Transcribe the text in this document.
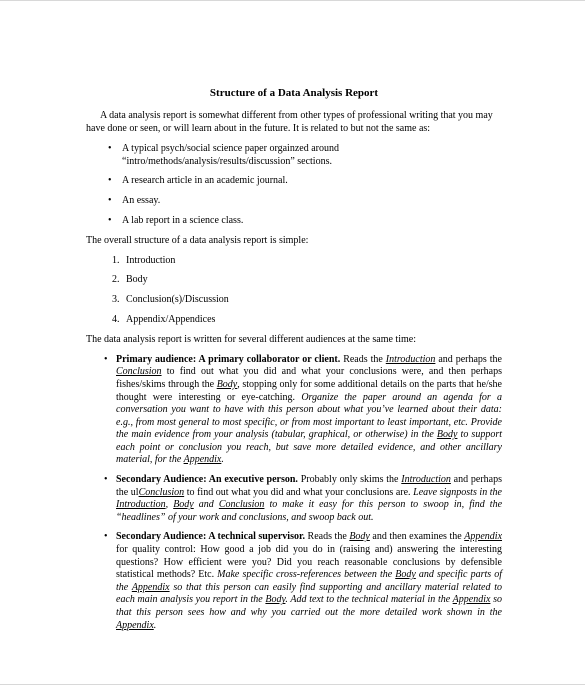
Structure of a Data Analysis Report

A data analysis report is somewhat different from other types of professional writing that you may have done or seen, or will learn about in the future. It is related to but not the same as:

• A typical psych/social science paper orgainzed around “intro/methods/analysis/results/discussion” sections.
• A research article in an academic journal.
• An essay.
• A lab report in a science class.

The overall structure of a data analysis report is simple:

1. Introduction
2. Body
3. Conclusion(s)/Discussion
4. Appendix/Appendices

The data analysis report is written for several different audiences at the same time:

• Primary audience: A primary collaborator or client. Reads the Introduction and perhaps the Conclusion to find out what you did and what your conclusions were, and then perhaps fishes/skims through the Body, stopping only for some additional details on the parts that he/she thought were interesting or eye-catching. Organize the paper around an agenda for a conversation you want to have with this person about what you’ve learned about their data: e.g., from most general to most specific, or from most important to least important, etc. Provide the main evidence from your analysis (tabular, graphical, or otherwise) in the Body to support each point or conclusion you reach, but save more detailed evidence, and other ancillary material, for the Appendix.
• Secondary Audience: An executive person. Probably only skims the Introduction and perhaps the ulConclusion to find out what you did and what your conclusions are. Leave signposts in the Introduction, Body and Conclusion to make it easy for this person to swoop in, find the “headlines” of your work and conclusions, and swoop back out.
• Secondary Audience: A technical supervisor. Reads the Body and then examines the Appendix for quality control: How good a job did you do in (raising and) answering the interesting questions? How efficient were you? Did you reach reasonable conclusions by defensible statistical methods? Etc. Make specific cross-references between the Body and specific parts of the Appendix so that this person can easily find supporting and ancillary material related to each main analysis you report in the Body. Add text to the technical material in the Appendix so that this person sees how and why you carried out the more detailed work shown in the Appendix.
